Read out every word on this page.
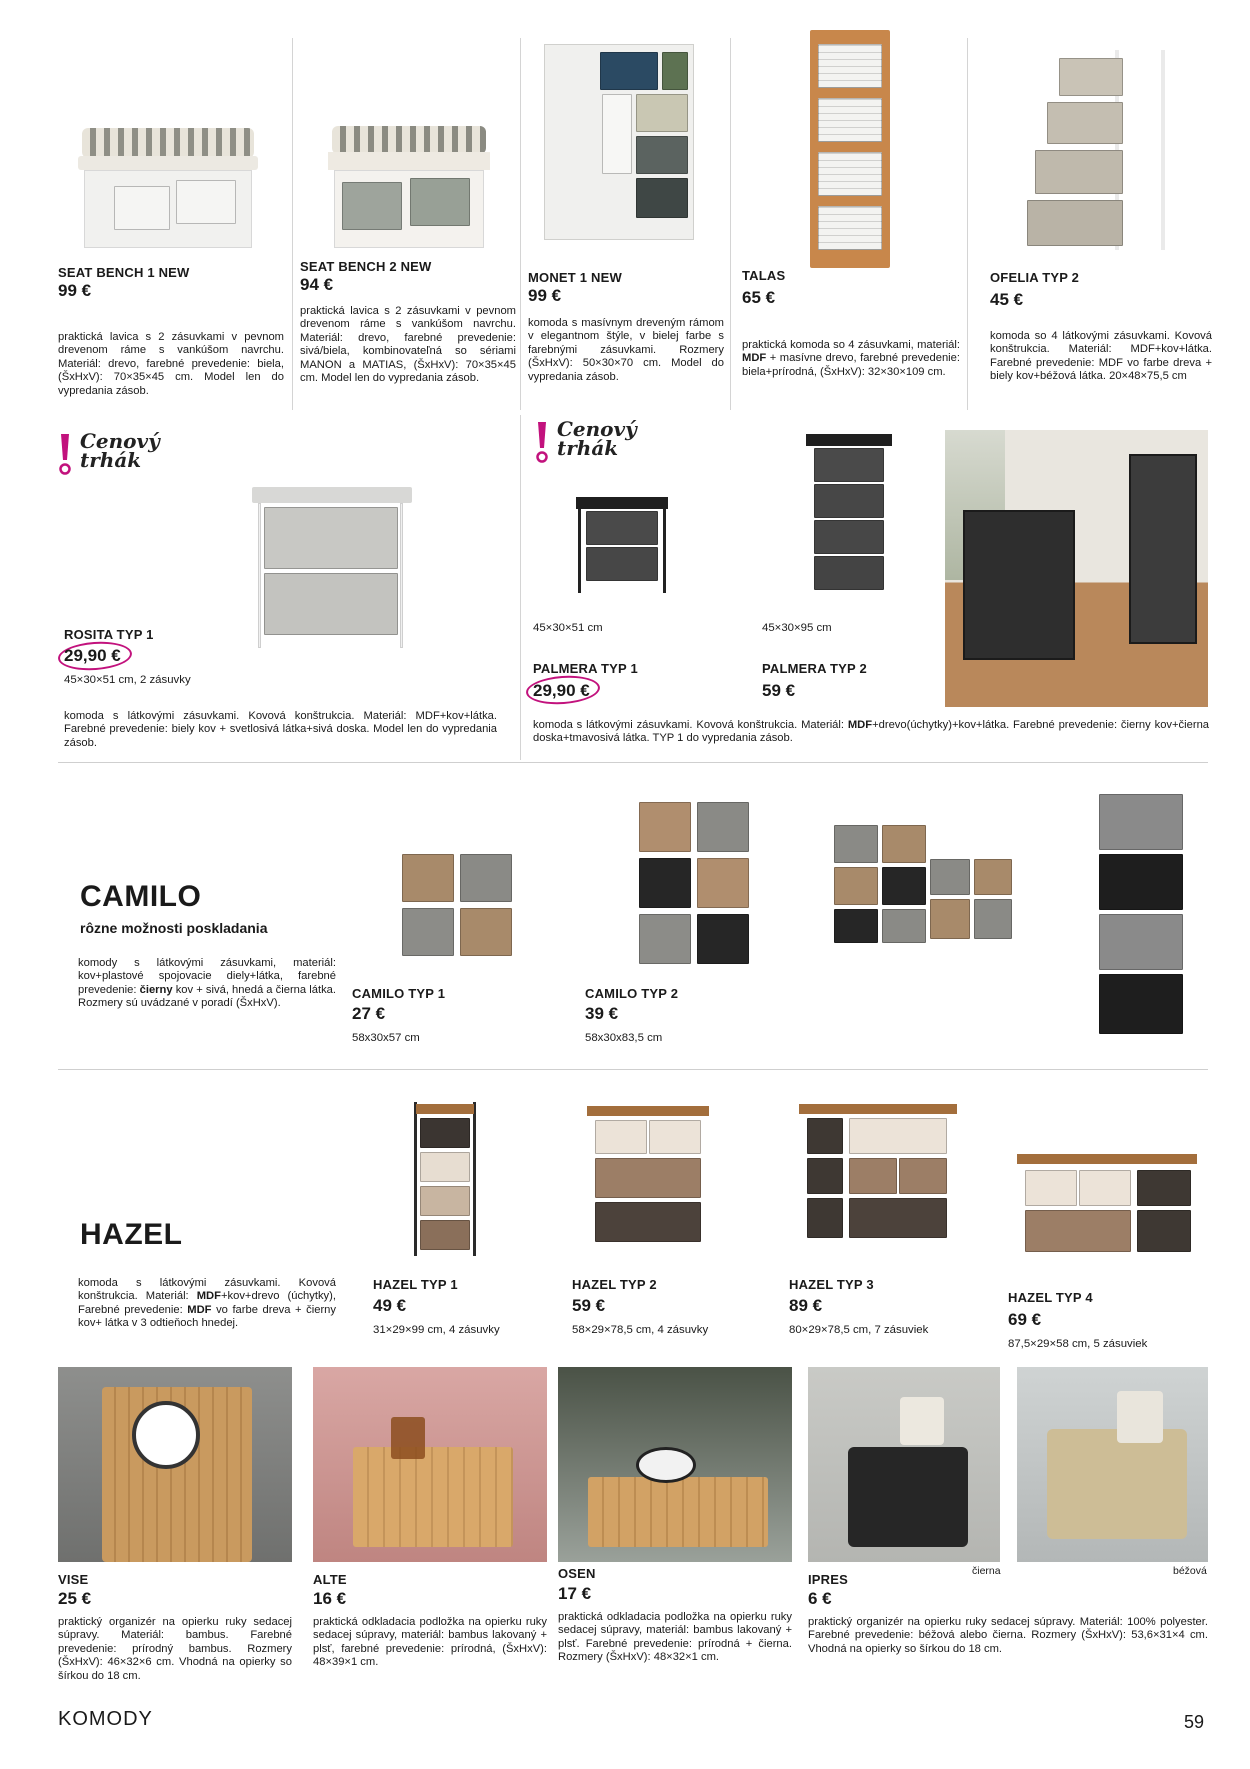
SEAT BENCH 1 NEW
99 €
praktická lavica s 2 zásuvkami v pevnom drevenom ráme s vankúšom navrchu. Materiál: drevo, farebné prevedenie: biela, (ŠxHxV): 70×35×45 cm. Model len do vypredania zásob.
SEAT BENCH 2 NEW
94 €
praktická lavica s 2 zásuvkami v pevnom drevenom ráme s vankúšom navrchu. Materiál: drevo, farebné prevedenie: sivá/biela, kombinovateľná so sériami MANON a MATIAS, (ŠxHxV): 70×35×45 cm. Model len do vypredania zásob.
MONET 1 NEW
99 €
komoda s masívnym dreveným rámom v elegantnom štýle, v bielej farbe s farebnými zásuvkami. Rozmery (ŠxHxV): 50×30×70 cm. Model do vypredania zásob.
TALAS
65 €
praktická komoda so 4 zásuvkami, materiál: MDF + masívne drevo, farebné prevedenie: biela+prírodná, (ŠxHxV): 32×30×109 cm.
OFELIA TYP 2
45 €
komoda so 4 látkovými zásuvkami. Kovová konštrukcia. Materiál: MDF+kov+látka. Farebné prevedenie: MDF vo farbe dreva + biely kov+béžová látka. 20×48×75,5 cm
Cenový
trhák
Cenový
trhák
ROSITA TYP 1
29,90 €
45×30×51 cm, 2 zásuvky
komoda s látkovými zásuvkami. Kovová konštrukcia. Materiál: MDF+kov+látka. Farebné prevedenie: biely kov + svetlosivá látka+sivá doska. Model len do vypredania zásob.
45×30×51 cm	45×30×95 cm
PALMERA TYP 1
29,90 €
PALMERA TYP 2
59 €
komoda s látkovými zásuvkami. Kovová konštrukcia. Materiál: MDF+drevo(úchytky)+kov+látka. Farebné prevedenie: čierny kov+čierna doska+tmavosivá látka. TYP 1 do vypredania zásob.
CAMILO
rôzne možnosti poskladania
komody s látkovými zásuvkami, materiál: kov+plastové spojovacie diely+látka, farebné prevedenie: čierny kov + sivá, hnedá a čierna látka. Rozmery sú uvádzané v poradí (ŠxHxV).
CAMILO TYP 1
27 €
58x30x57 cm
CAMILO TYP 2
39 €
58x30x83,5 cm
HAZEL
komoda s látkovými zásuvkami. Kovová konštrukcia. Materiál: MDF+kov+drevo (úchytky), Farebné prevedenie: MDF vo farbe dreva + čierny kov+ látka v 3 odtieňoch hnedej.
HAZEL TYP 1
49 €
31×29×99 cm, 4 zásuvky
HAZEL TYP 2
59 €
58×29×78,5 cm, 4 zásuvky
HAZEL TYP 3
89 €
80×29×78,5 cm, 7 zásuviek
HAZEL TYP 4
69 €
87,5×29×58 cm, 5 zásuviek
čierna	béžová
VISE
25 €
praktický organizér na opierku ruky sedacej súpravy. Materiál: bambus. Farebné prevedenie: prírodný bambus. Rozmery (ŠxHxV): 46×32×6 cm. Vhodná na opierky so šírkou do 18 cm.
ALTE
16 €
praktická odkladacia podložka na opierku ruky sedacej súpravy, materiál: bambus lakovaný + plsť, farebné prevedenie: prírodná, (ŠxHxV): 48×39×1 cm.
OSEN
17 €
praktická odkladacia podložka na opierku ruky sedacej súpravy, materiál: bambus lakovaný + plsť. Farebné prevedenie: prírodná + čierna. Rozmery (ŠxHxV): 48×32×1 cm.
IPRES
6 €
praktický organizér na opierku ruky sedacej súpravy. Materiál: 100% polyester. Farebné prevedenie: béžová alebo čierna. Rozmery (ŠxHxV): 53,6×31×4 cm. Vhodná na opierky so šírkou do 18 cm.
KOMODY	59
